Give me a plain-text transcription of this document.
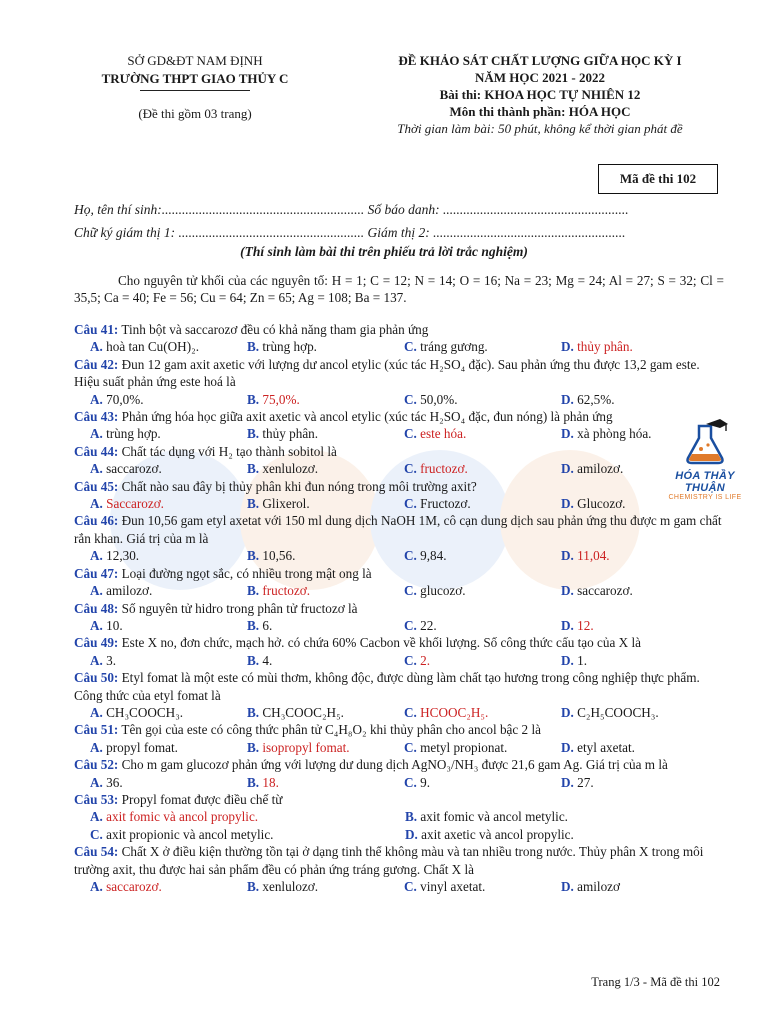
SỞ GD&ĐT NAM ĐỊNH
TRƯỜNG THPT GIAO THỦY C
(Đề thi gồm 03 trang)
ĐỀ KHẢO SÁT CHẤT LƯỢNG GIỮA HỌC KỲ I
NĂM HỌC 2021 - 2022
Bài thi: KHOA HỌC TỰ NHIÊN 12
Môn thi thành phần: HÓA HỌC
Thời gian làm bài: 50 phút, không kể thời gian phát đề
Mã đề thi 102
Họ, tên thí sinh:............................................................ Số báo danh: .......................................................
Chữ ký giám thị 1: ....................................................... Giám thị 2: .........................................................
(Thí sinh làm bài thi trên phiếu trả lời trắc nghiệm)
Cho nguyên tử khối của các nguyên tố: H = 1; C = 12; N = 14; O = 16; Na = 23; Mg = 24; Al = 27; S = 32; Cl = 35,5; Ca = 40; Fe = 56; Cu = 64; Zn = 65; Ag = 108; Ba = 137.
HÓA THẦY THUẬN
CHEMISTRY IS LIFE
Câu 41: Tinh bột và saccarozơ đều có khả năng tham gia phản ứng
A. hoà tan Cu(OH)₂.	B. trùng hợp.	C. tráng gương.	D. thủy phân.
Câu 42: Đun 12 gam axit axetic với lượng dư ancol etylic (xúc tác H₂SO₄ đặc). Sau phản ứng thu được 13,2 gam este. Hiệu suất phản ứng este hoá là
A. 70,0%.	B. 75,0%.	C. 50,0%.	D. 62,5%.
Câu 43: Phản ứng hóa học giữa axit axetic và ancol etylic (xúc tác H₂SO₄ đặc, đun nóng) là phản ứng
A. trùng hợp.	B. thủy phân.	C. este hóa.	D. xà phòng hóa.
Câu 44: Chất tác dụng với H₂ tạo thành sobitol là
A. saccarozơ.	B. xenlulozơ.	C. fructozơ.	D. amilozơ.
Câu 45: Chất nào sau đây bị thủy phân khi đun nóng trong môi trường axit?
A. Saccarozơ.	B. Glixerol.	C. Fructozơ.	D. Glucozơ.
Câu 46: Đun 10,56 gam etyl axetat với 150 ml dung dịch NaOH 1M, cô cạn dung dịch sau phản ứng thu được m gam chất rắn khan. Giá trị của m là
A. 12,30.	B. 10,56.	C. 9,84.	D. 11,04.
Câu 47: Loại đường ngọt sắc, có nhiều trong mật ong là
A. amilozơ.	B. fructozơ.	C. glucozơ.	D. saccarozơ.
Câu 48: Số nguyên tử hidro trong phân tử fructozơ là
A. 10.	B. 6.	C. 22.	D. 12.
Câu 49: Este X no, đơn chức, mạch hở. có chứa 60% Cacbon về khối lượng. Số công thức cấu tạo của X là
A. 3.	B. 4.	C. 2.	D. 1.
Câu 50: Etyl fomat là một este có mùi thơm, không độc, được dùng làm chất tạo hương trong công nghiệp thực phẩm. Công thức của etyl fomat là
A. CH₃COOCH₃.	B. CH₃COOC₂H₅.	C. HCOOC₂H₅.	D. C₂H₅COOCH₃.
Câu 51: Tên gọi của este có công thức phân tử C₄H₈O₂ khi thủy phân cho ancol bậc 2 là
A. propyl fomat.	B. isopropyl fomat.	C. metyl propionat.	D. etyl axetat.
Câu 52: Cho m gam glucozơ phản ứng với lượng dư dung dịch AgNO₃/NH₃ được 21,6 gam Ag. Giá trị của m là
A. 36.	B. 18.	C. 9.	D. 27.
Câu 53: Propyl fomat được điều chế từ
A. axit fomic và ancol propylic.	B. axit fomic và ancol metylic.
C. axit propionic và ancol metylic.	D. axit axetic và ancol propylic.
Câu 54: Chất X ở điều kiện thường tồn tại ở dạng tinh thể không màu và tan nhiều trong nước. Thủy phân X trong môi trường axit, thu được hai sản phẩm đều có phản ứng tráng gương. Chất X là
A. saccarozơ.	B. xenlulozơ.	C. vinyl axetat.	D. amilozơ
Trang 1/3 - Mã đề thi 102
